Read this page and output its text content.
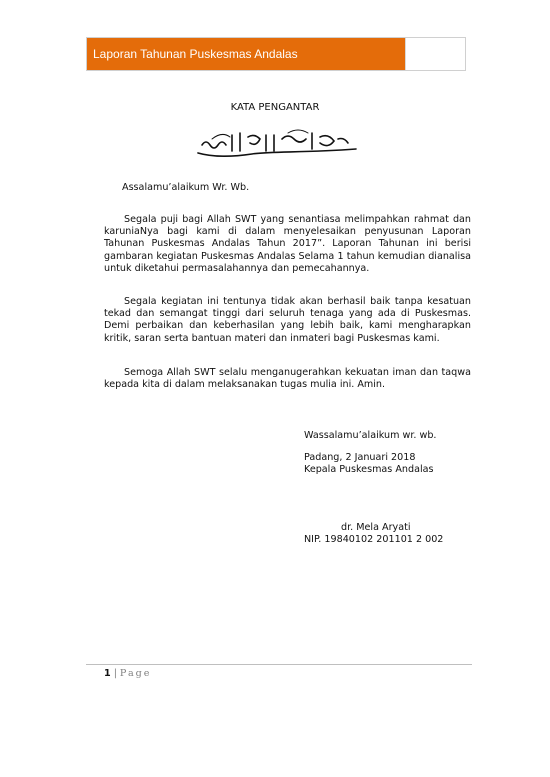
Laporan Tahunan Puskesmas Andalas
KATA PENGANTAR
Assalamu’alaikum Wr. Wb.
Segala puji bagi Allah SWT yang senantiasa melimpahkan rahmat dan karuniaNya bagi kami di dalam menyelesaikan penyusunan Laporan Tahunan Puskesmas Andalas Tahun 2017”. Laporan Tahunan ini berisi gambaran kegiatan Puskesmas Andalas Selama 1 tahun kemudian dianalisa untuk diketahui permasalahannya dan pemecahannya.
Segala kegiatan ini tentunya tidak akan berhasil baik tanpa kesatuan tekad dan semangat tinggi dari seluruh tenaga yang ada di Puskesmas. Demi perbaikan dan keberhasilan yang lebih baik, kami mengharapkan kritik, saran serta bantuan materi dan inmateri bagi Puskesmas kami.
Semoga Allah SWT selalu menganugerahkan kekuatan iman dan taqwa kepada kita di dalam melaksanakan tugas mulia ini. Amin.
Wassalamu’alaikum wr. wb.
Padang, 2 Januari 2018
Kepala Puskesmas Andalas
dr. Mela Aryati
NIP. 19840102 201101 2 002
1 | Page
